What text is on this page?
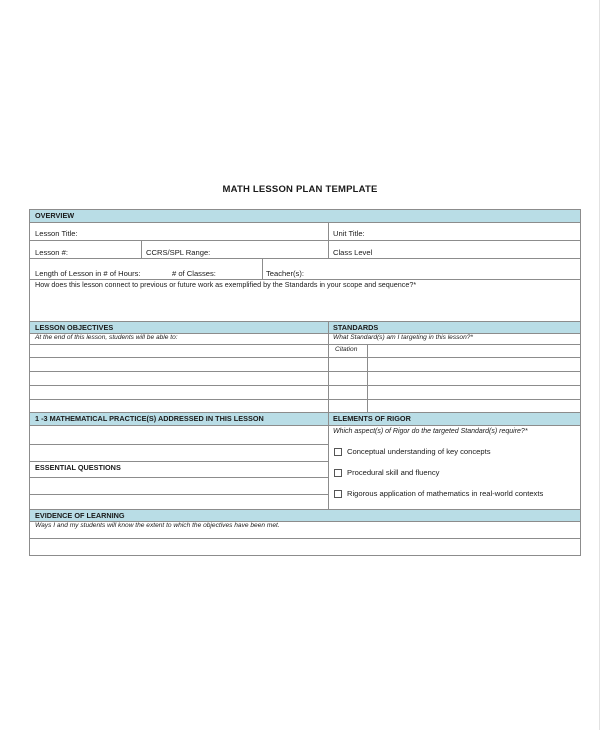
MATH LESSON PLAN TEMPLATE
OVERVIEW
Lesson Title:	Unit Title:
Lesson #:	CCRS/SPL Range:	Class Level
Length of Lesson in # of Hours:	# of Classes:	Teacher(s):
How does this lesson connect to previous or future work as exemplified by the Standards in your scope and sequence?*
LESSON OBJECTIVES	STANDARDS
At the end of this lesson, students will be able to:	What Standard(s) am I targeting in this lesson?*
Citation
1 -3 MATHEMATICAL PRACTICE(S) ADDRESSED IN THIS LESSON	ELEMENTS OF RIGOR
ESSENTIAL QUESTIONS
Which aspect(s) of Rigor do the targeted Standard(s) require?*
Conceptual understanding of key concepts
Procedural skill and fluency
Rigorous application of mathematics in real-world contexts
EVIDENCE OF LEARNING
Ways I and my students will know the extent to which the objectives have been met.
